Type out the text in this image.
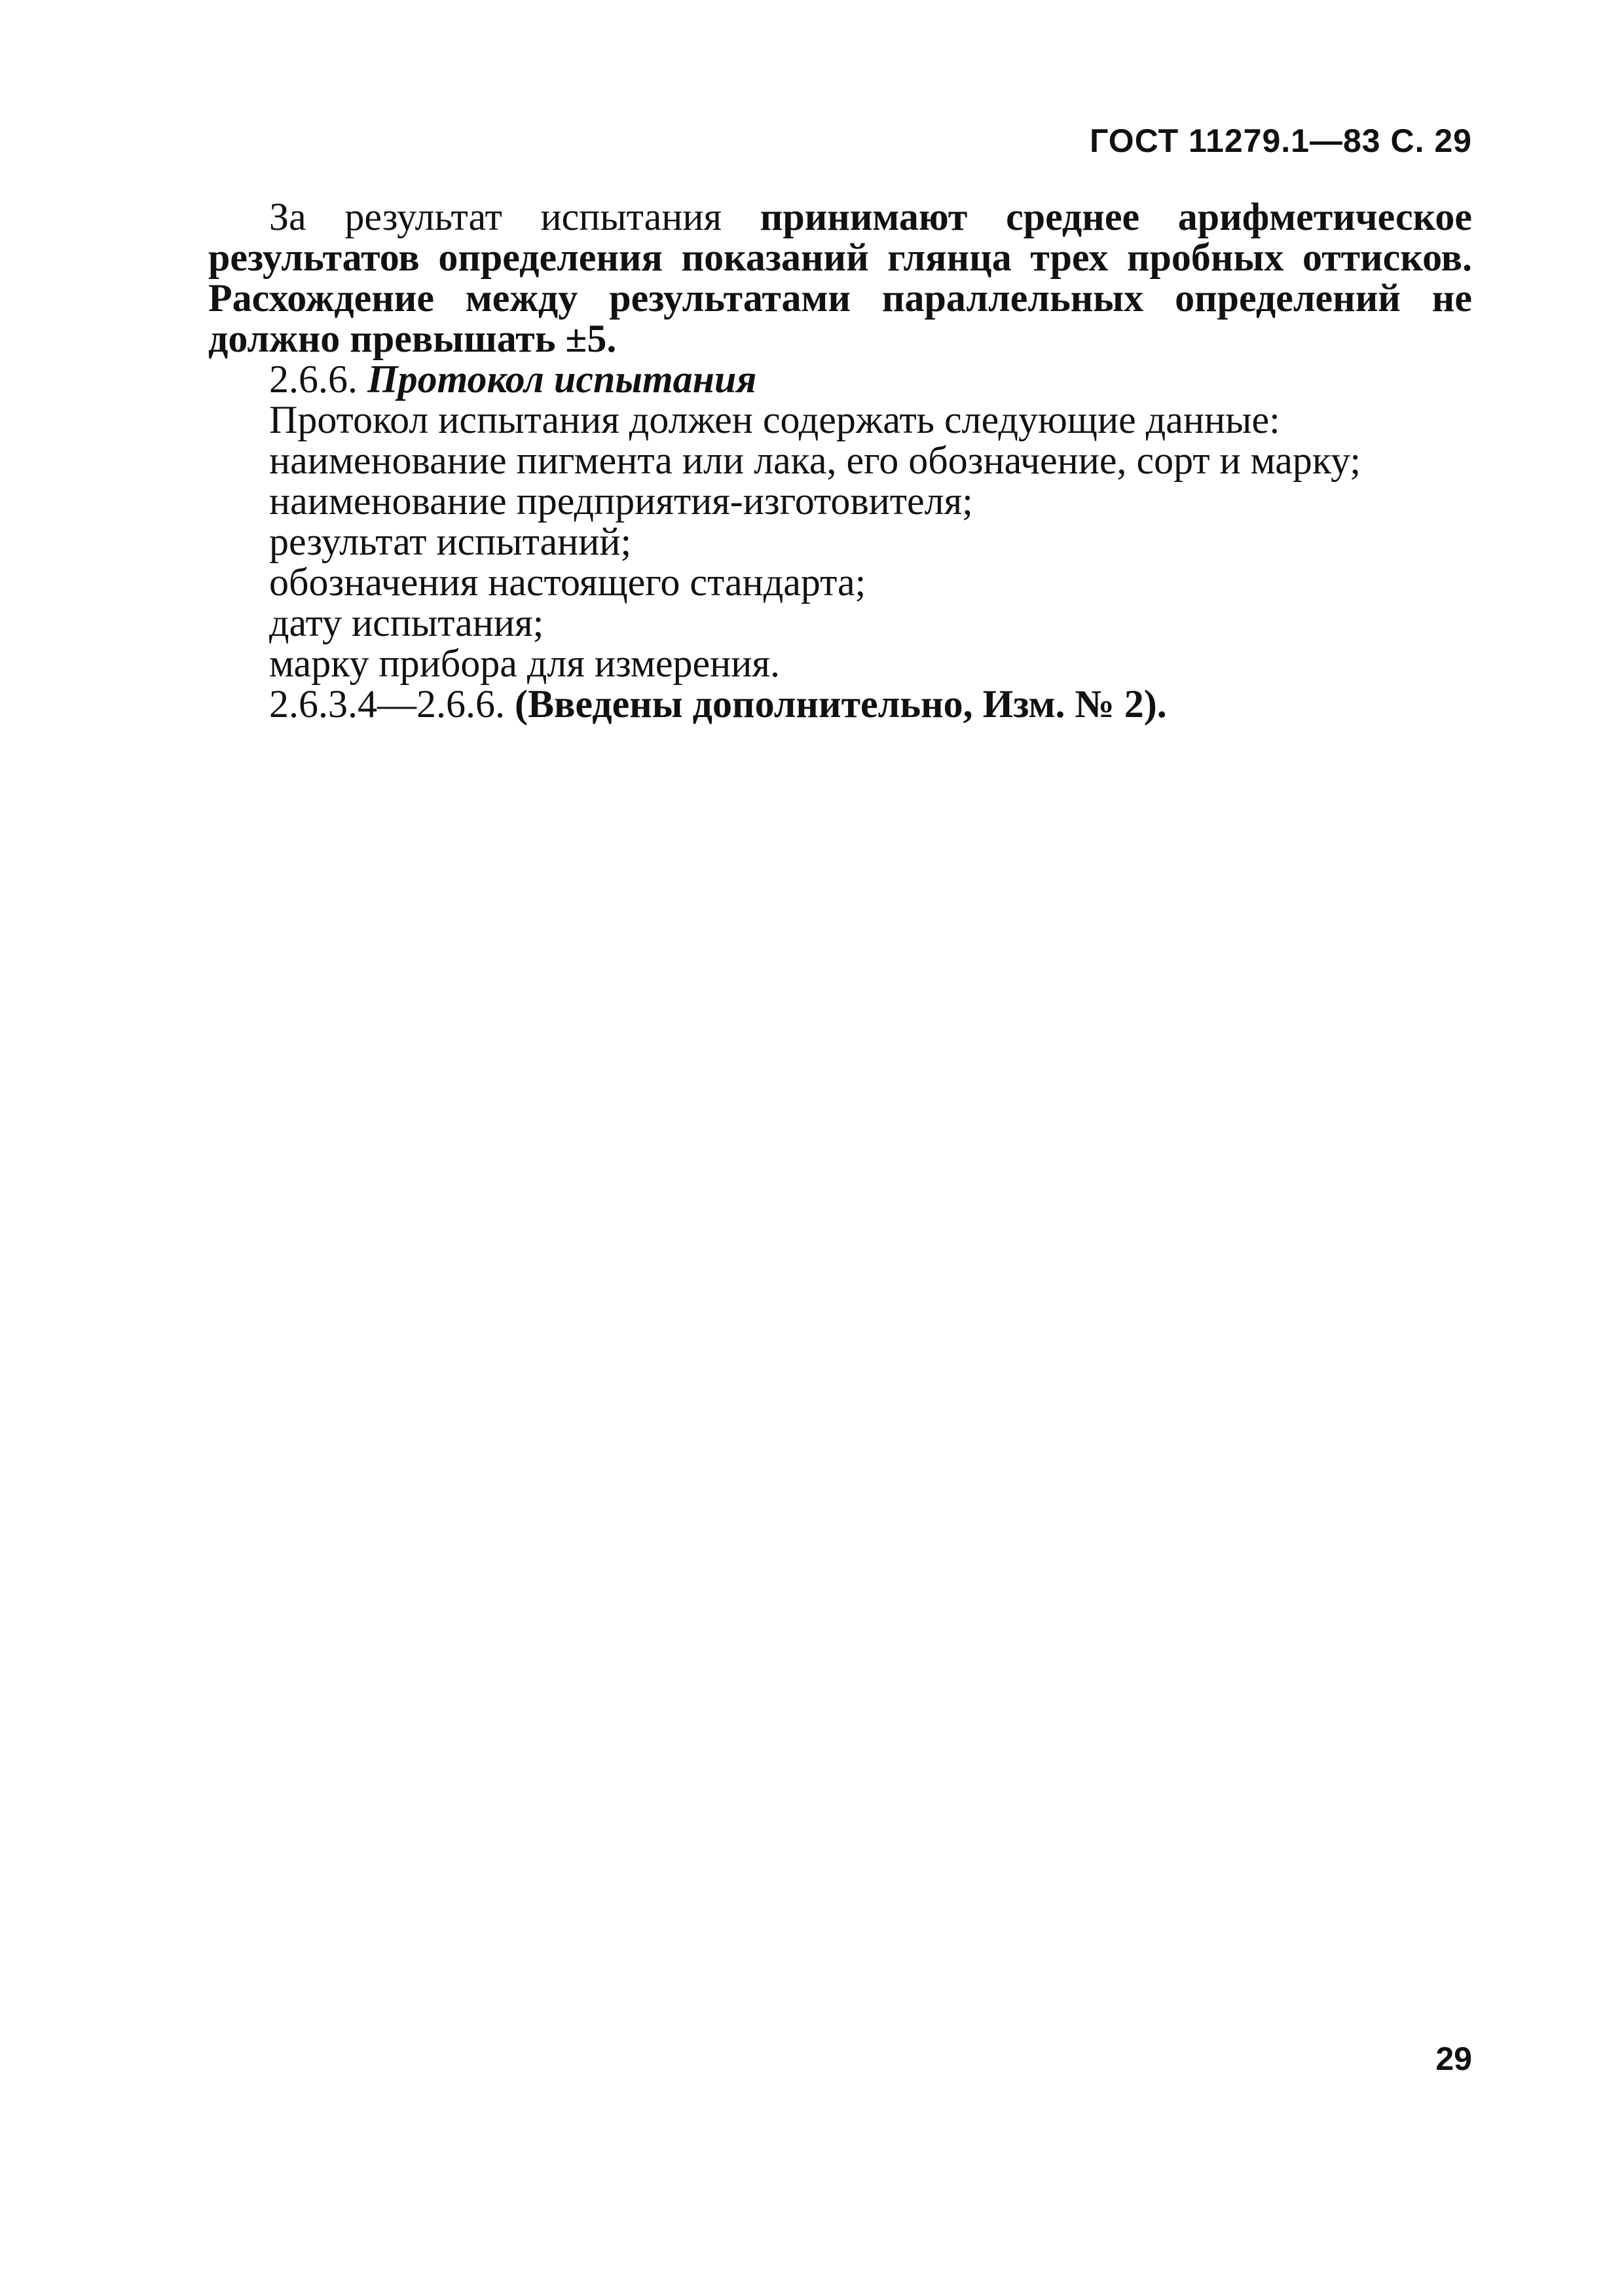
ГОСТ 11279.1—83 С. 29

За результат испытания принимают среднее арифметическое результатов определения показаний глянца трех пробных оттисков. Расхождение между результатами параллельных определений не должно превышать ±5.

2.6.6. Протокол испытания

Протокол испытания должен содержать следующие данные:

наименование пигмента или лака, его обозначение, сорт и марку;

наименование предприятия-изготовителя;

результат испытаний;

обозначения настоящего стандарта;

дату испытания;

марку прибора для измерения.

2.6.3.4—2.6.6. (Введены дополнительно, Изм. № 2).

29
